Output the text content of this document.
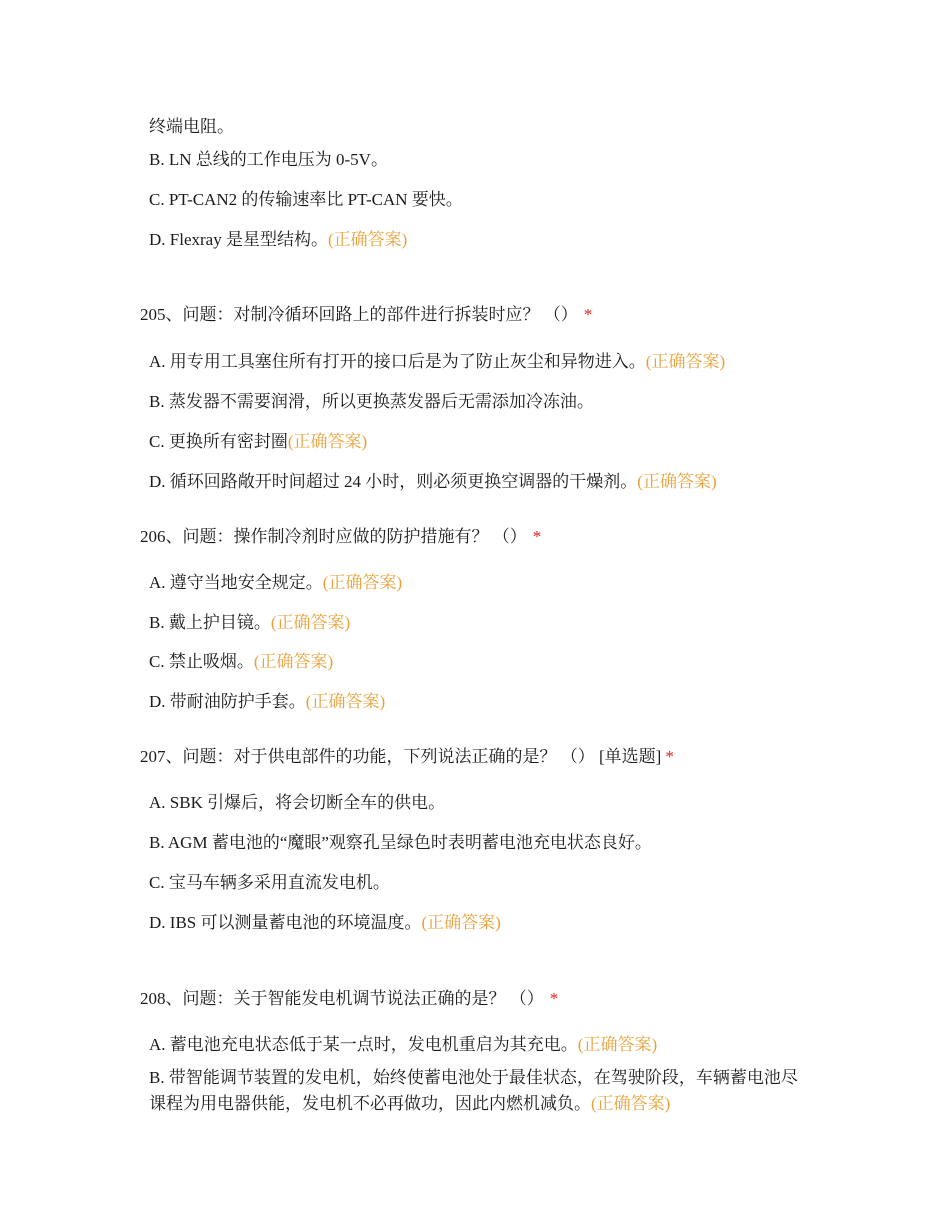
终端电阻。
B. LN 总线的工作电压为 0-5V。
C. PT-CAN2 的传输速率比 PT-CAN 要快。
D. Flexray 是星型结构。(正确答案)
205、问题：对制冷循环回路上的部件进行拆装时应？ （） *
A. 用专用工具塞住所有打开的接口后是为了防止灰尘和异物进入。(正确答案)
B. 蒸发器不需要润滑，所以更换蒸发器后无需添加冷冻油。
C. 更换所有密封圈(正确答案)
D. 循环回路敞开时间超过 24 小时，则必须更换空调器的干燥剂。(正确答案)
206、问题：操作制冷剂时应做的防护措施有？ （） *
A. 遵守当地安全规定。(正确答案)
B. 戴上护目镜。(正确答案)
C. 禁止吸烟。(正确答案)
D. 带耐油防护手套。(正确答案)
207、问题：对于供电部件的功能，下列说法正确的是？ （） [单选题] *
A. SBK 引爆后，将会切断全车的供电。
B. AGM 蓄电池的“魔眼”观察孔呈绿色时表明蓄电池充电状态良好。
C. 宝马车辆多采用直流发电机。
D. IBS 可以测量蓄电池的环境温度。(正确答案)
208、问题：关于智能发电机调节说法正确的是？ （） *
A. 蓄电池充电状态低于某一点时，发电机重启为其充电。(正确答案)
B. 带智能调节装置的发电机，始终使蓄电池处于最佳状态，在驾驶阶段，车辆蓄电池尽课程为用电器供能，发电机不必再做功，因此内燃机减负。(正确答案)
